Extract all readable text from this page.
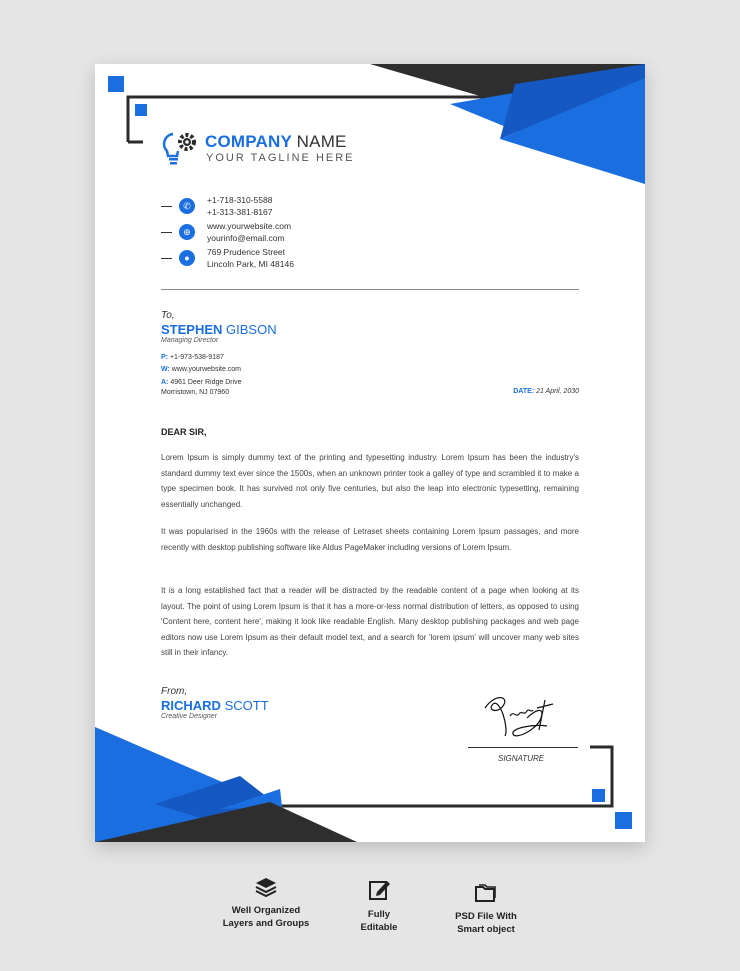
COMPANY NAME
YOUR TAGLINE HERE
✆
+1-718-310-5588
+1-313-381-8167
⊕
www.yourwebsite.com
yourinfo@email.com
●
769 Prudence Street
Lincoln Park, MI 48146
To,
STEPHEN GIBSON
Managing Director
P: +1-973-538-9187
W: www.yourwebsite.com
A: 4961 Deer Ridge Drive
Morristown, NJ 07960	DATE: 21 April, 2030
DEAR SIR,
Lorem Ipsum is simply dummy text of the printing and typesetting industry. Lorem Ipsum has been the industry's standard dummy text ever since the 1500s, when an unknown printer took a galley of type and scrambled it to make a type specimen book. It has survived not only five centuries, but also the leap into electronic typesetting, remaining essentially unchanged.
It was popularised in the 1960s with the release of Letraset sheets containing Lorem Ipsum passages, and more recently with desktop publishing software like Aldus PageMaker including versions of Lorem Ipsum.
It is a long established fact that a reader will be distracted by the readable content of a page when looking at its layout. The point of using Lorem Ipsum is that it has a more-or-less normal distribution of letters, as opposed to using 'Content here, content here', making it look like readable English. Many desktop publishing packages and web page editors now use Lorem Ipsum as their default model text, and a search for 'lorem ipsum' will uncover many web sites still in their infancy.
From,
RICHARD SCOTT
Creative Designer
SIGNATURE
Well Organized
Layers and Groups
Fully
Editable
PSD File With
Smart object
